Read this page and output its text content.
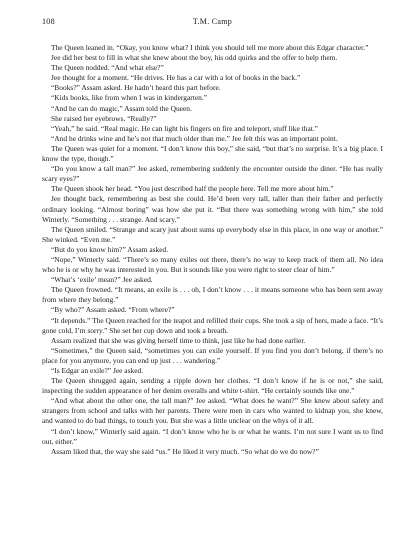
108	T.M. Camp

The Queen leaned in. “Okay, you know what? I think you should tell me more about this Edgar character.”

Jee did her best to fill in what she knew about the boy, his odd quirks and the offer to help them.

The Queen nodded. “And what else?”

Jee thought for a moment. “He drives. He has a car with a lot of books in the back.”

“Books?” Assam asked. He hadn’t heard this part before.

“Kids books, like from when I was in kindergarten.”

“And he can do magic,” Assam told the Queen.

She raised her eyebrows. “Really?”

“Yeah,” he said. “Real magic. He can light his fingers on fire and teleport, stuff like that.”

“And he drinks wine and he’s not that much older than me.” Jee felt this was an important point.

The Queen was quiet for a moment. “I don’t know this boy,” she said, “but that’s no surprise. It’s a big place. I know the type, though.”

“Do you know a tall man?” Jee asked, remembering suddenly the encounter outside the diner. “He has really scary eyes?”

The Queen shook her head. “You just described half the people here. Tell me more about him.”

Jee thought back, remembering as best she could. He’d been very tall, taller than their father and perfectly ordinary looking. “Almost boring” was how she put it. “But there was something wrong with him,” she told Winterly. “Something . . . strange. And scary.”

The Queen smiled. “Strange and scary just about sums up everybody else in this place, in one way or another.” She winked. “Even me.”

“But do you know him?” Assam asked.

“Nope,” Winterly said. “There’s so many exiles out there, there’s no way to keep track of them all. No idea who he is or why he was interested in you. But it sounds like you were right to steer clear of him.”

“What’s ‘exile’ mean?” Jee asked.

The Queen frowned. “It means, an exile is . . . oh, I don’t know . . . it means someone who has been sent away from where they belong.”

“By who?” Assam asked. “From where?”

“It depends.” The Queen reached for the teapot and refilled their cups. She took a sip of hers, made a face. “It’s gone cold, I’m sorry.” She set her cup down and took a breath.

Assam realized that she was giving herself time to think, just like he had done earlier.

“Sometimes,” the Queen said, “sometimes you can exile yourself. If you find you don’t belong, if there’s no place for you anymore, you can end up just . . . wandering.”

“Is Edgar an exile?” Jee asked.

The Queen shrugged again, sending a ripple down her clothes. “I don’t know if he is or not,” she said, inspecting the sudden appearance of her denim overalls and white t-shirt. “He certainly sounds like one.”

“And what about the other one, the tall man?” Jee asked. “What does he want?” She knew about safety and strangers from school and talks with her parents. There were men in cars who wanted to kidnap you, she knew, and wanted to do bad things, to touch you. But she was a little unclear on the whys of it all.

“I don’t know,” Winterly said again. “I don’t know who he is or what he wants. I’m not sure I want us to find out, either.”

Assam liked that, the way she said “us.” He liked it very much. “So what do we do now?”
